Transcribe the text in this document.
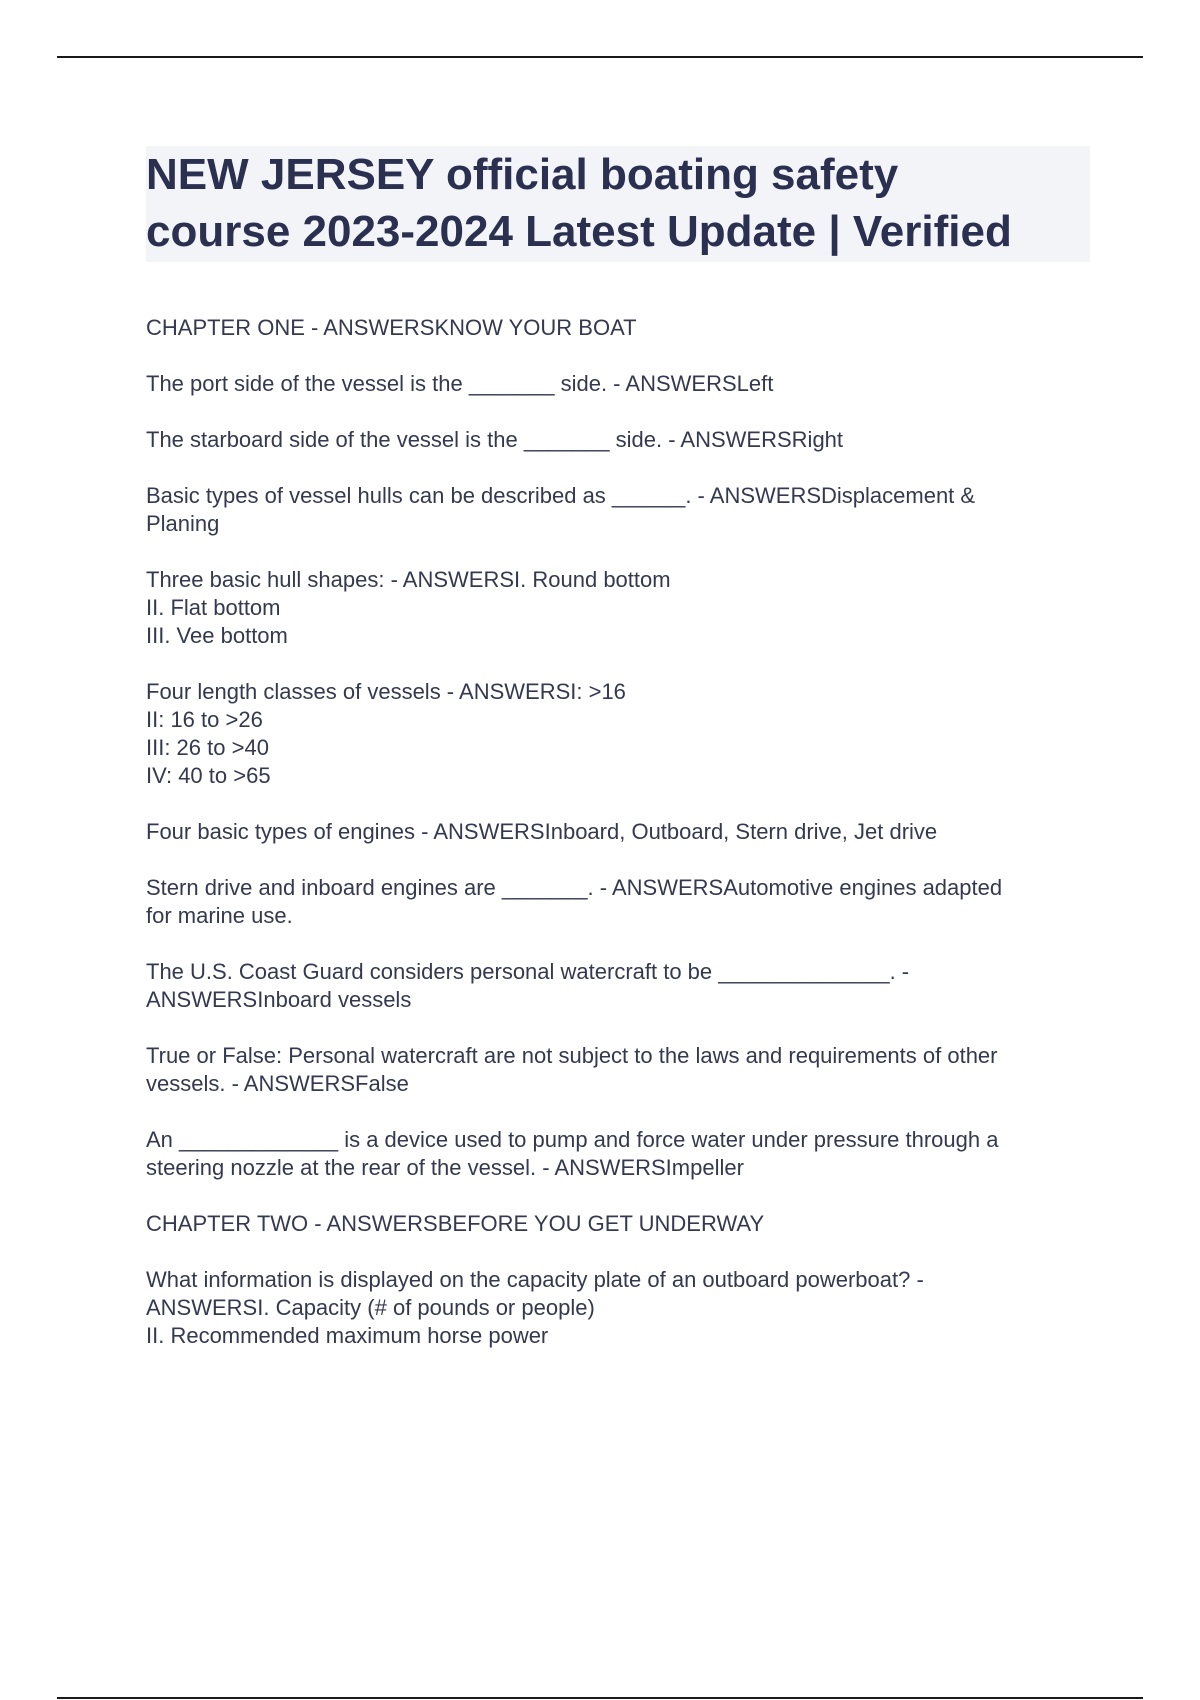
NEW JERSEY official boating safety course 2023-2024 Latest Update | Verified

CHAPTER ONE - ANSWERSKNOW YOUR BOAT

The port side of the vessel is the _______ side. - ANSWERSLeft

The starboard side of the vessel is the _______ side. - ANSWERSRight

Basic types of vessel hulls can be described as ______. - ANSWERSDisplacement &
Planing

Three basic hull shapes: - ANSWERSI. Round bottom
II. Flat bottom
III. Vee bottom

Four length classes of vessels - ANSWERSI: >16
II: 16 to >26
III: 26 to >40
IV: 40 to >65

Four basic types of engines - ANSWERSInboard, Outboard, Stern drive, Jet drive

Stern drive and inboard engines are _______. - ANSWERSAutomotive engines adapted
for marine use.

The U.S. Coast Guard considers personal watercraft to be ______________. -
ANSWERSInboard vessels

True or False: Personal watercraft are not subject to the laws and requirements of other
vessels. - ANSWERSFalse

An _____________ is a device used to pump and force water under pressure through a
steering nozzle at the rear of the vessel. - ANSWERSImpeller

CHAPTER TWO - ANSWERSBEFORE YOU GET UNDERWAY

What information is displayed on the capacity plate of an outboard powerboat? -
ANSWERSI. Capacity (# of pounds or people)
II. Recommended maximum horse power
